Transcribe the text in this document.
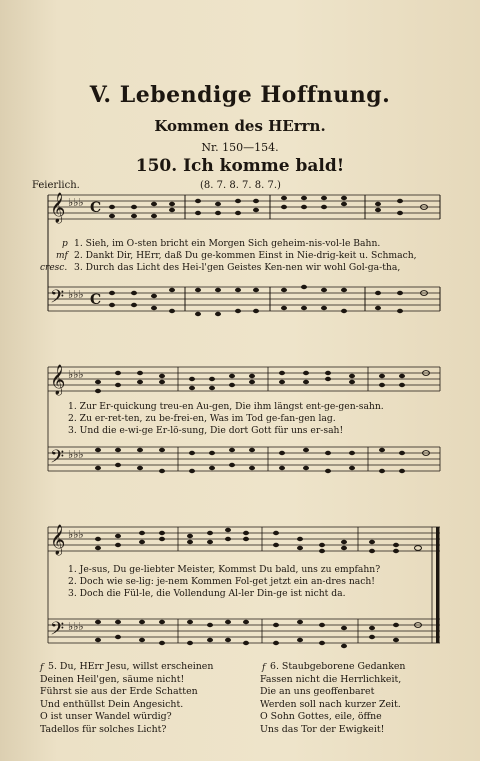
V. Lebendige Hoffnung.
Kommen des HErrn.
Nr. 150—154.
150. Ich komme bald!
Feierlich.	(8. 7. 8. 7. 8. 7.)
𝄞
𝄢
♭♭♭
♭♭♭
C
C
p
mf
cresc.
1. Sieh, im O-sten bricht ein Morgen Sich geheim-nis-vol-le Bahn.
2. Dankt Dir, HErr, daß Du ge-kommen Einst in Nie-drig-keit u. Schmach,
3. Durch das Licht des Hei-l'gen Geistes Ken-nen wir wohl Gol-ga-tha,
𝄞
𝄢
♭♭♭
♭♭♭
1. Zur Er-quickung treu-en Au-gen, Die ihm längst ent-ge-gen-sahn.
2. Zu er-ret-ten, zu be-frei-en, Was im Tod ge-fan-gen lag.
3. Und die e-wi-ge Er-lö-sung, Die dort Gott für uns er-sah!
𝄞
𝄢
♭♭♭
♭♭♭
1. Je-sus, Du ge-liebter Meister, Kommst Du bald, uns zu empfahn?
2. Doch wie se-lig: je-nem Kommen Fol-get jetzt ein an-dres nach!
3. Doch die Fül-le, die Vollendung Al-ler Din-ge ist nicht da.
f 5. Du, HErr Jesu, willst erscheinen
Deinen Heil'gen, säume nicht!
Führst sie aus der Erde Schatten
Und enthüllst Dein Angesicht.
O ist unser Wandel würdig?
Tadellos für solches Licht?
f 6. Staubgeborene Gedanken
Fassen nicht die Herrlichkeit,
Die an uns geoffenbaret
Werden soll nach kurzer Zeit.
O Sohn Gottes, eile, öffne
Uns das Tor der Ewigkeit!
